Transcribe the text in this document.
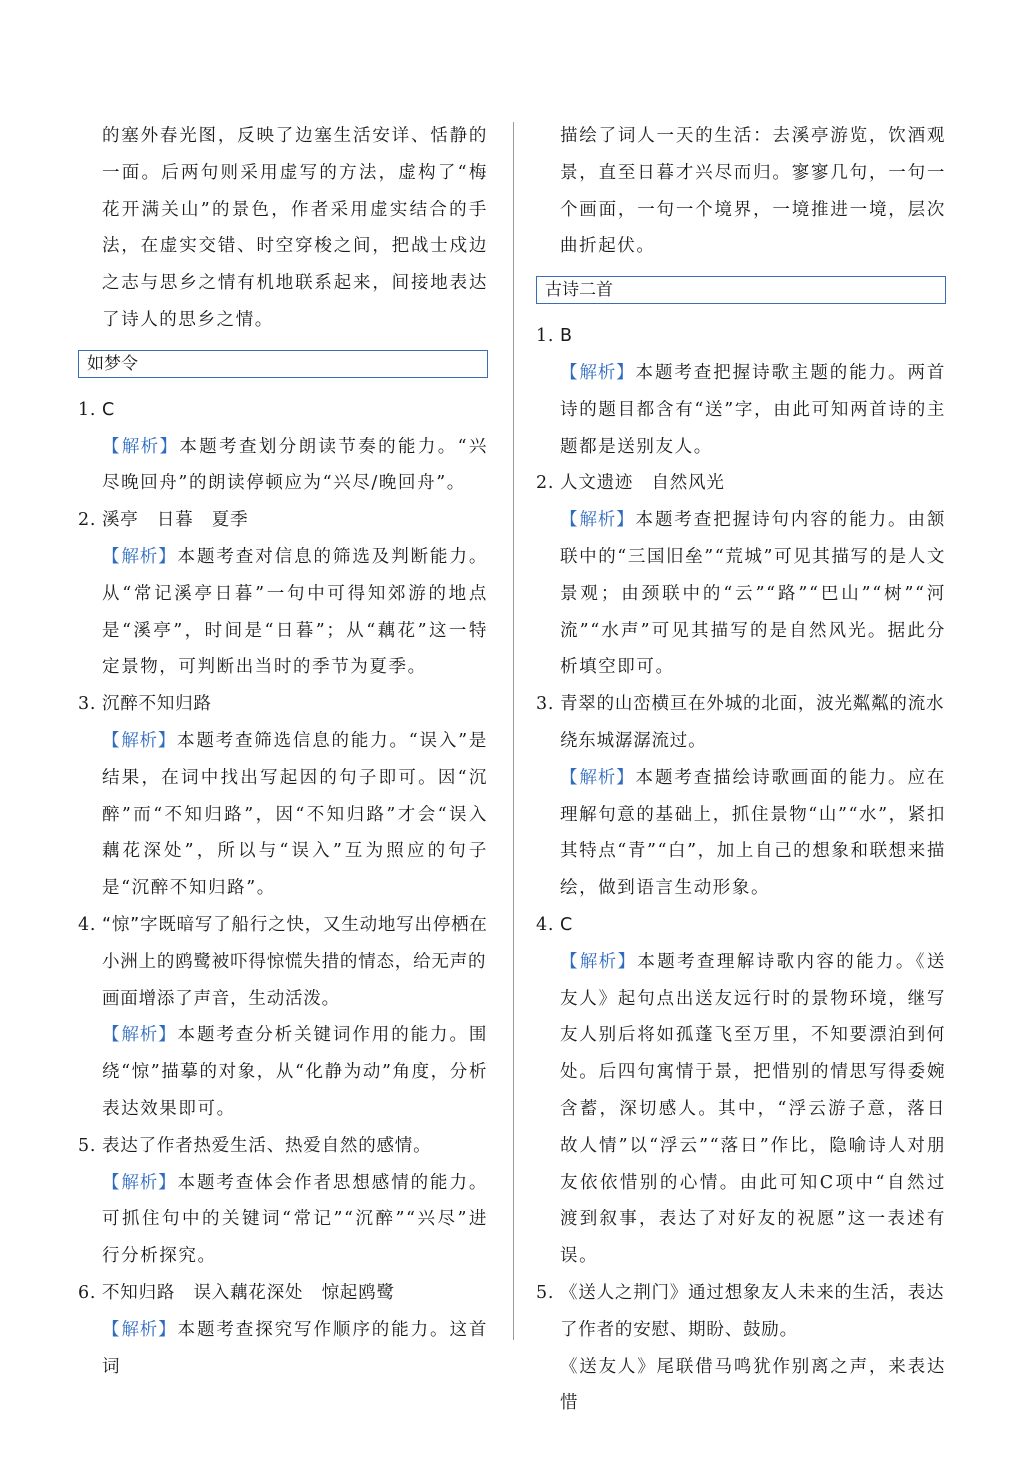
的塞外春光图，反映了边塞生活安详、恬静的一面。后两句则采用虚写的方法，虚构了“梅花开满关山”的景色，作者采用虚实结合的手法，在虚实交错、时空穿梭之间，把战士戍边之志与思乡之情有机地联系起来，间接地表达了诗人的思乡之情。

如梦令
1. C

【解析】本题考查划分朗读节奏的能力。“兴尽晚回舟”的朗读停顿应为“兴尽/晚回舟”。

2. 溪亭　日暮　夏季

【解析】本题考查对信息的筛选及判断能力。从“常记溪亭日暮”一句中可得知郊游的地点是“溪亭”，时间是“日暮”；从“藕花”这一特定景物，可判断出当时的季节为夏季。

3. 沉醉不知归路

【解析】本题考查筛选信息的能力。“误入”是结果，在词中找出写起因的句子即可。因“沉醉”而“不知归路”，因“不知归路”才会“误入藕花深处”，所以与“误入”互为照应的句子是“沉醉不知归路”。

4. “惊”字既暗写了船行之快，又生动地写出停栖在小洲上的鸥鹭被吓得惊慌失措的情态，给无声的画面增添了声音，生动活泼。

【解析】本题考查分析关键词作用的能力。围绕“惊”描摹的对象，从“化静为动”角度，分析表达效果即可。

5. 表达了作者热爱生活、热爱自然的感情。

【解析】本题考查体会作者思想感情的能力。可抓住句中的关键词“常记”“沉醉”“兴尽”进行分析探究。

6. 不知归路　误入藕花深处　惊起鸥鹭

【解析】本题考查探究写作顺序的能力。这首词

描绘了词人一天的生活：去溪亭游览，饮酒观景，直至日暮才兴尽而归。寥寥几句，一句一个画面，一句一个境界，一境推进一境，层次曲折起伏。

古诗二首
1. B

【解析】本题考查把握诗歌主题的能力。两首诗的题目都含有“送”字，由此可知两首诗的主题都是送别友人。

2. 人文遗迹　自然风光

【解析】本题考查把握诗句内容的能力。由颔联中的“三国旧垒”“荒城”可见其描写的是人文景观；由颈联中的“云”“路”“巴山”“树”“河流”“水声”可见其描写的是自然风光。据此分析填空即可。

3. 青翠的山峦横亘在外城的北面，波光粼粼的流水绕东城潺潺流过。

【解析】本题考查描绘诗歌画面的能力。应在理解句意的基础上，抓住景物“山”“水”，紧扣其特点“青”“白”，加上自己的想象和联想来描绘，做到语言生动形象。

4. C

【解析】本题考查理解诗歌内容的能力。《送友人》起句点出送友远行时的景物环境，继写友人别后将如孤蓬飞至万里，不知要漂泊到何处。后四句寓情于景，把惜别的情思写得委婉含蓄，深切感人。其中，“浮云游子意，落日故人情”以“浮云”“落日”作比，隐喻诗人对朋友依依惜别的心情。由此可知C项中“自然过渡到叙事，表达了对好友的祝愿”这一表述有误。

5. 《送人之荆门》通过想象友人未来的生活，表达了作者的安慰、期盼、鼓励。

《送友人》尾联借马鸣犹作别离之声，来表达惜
